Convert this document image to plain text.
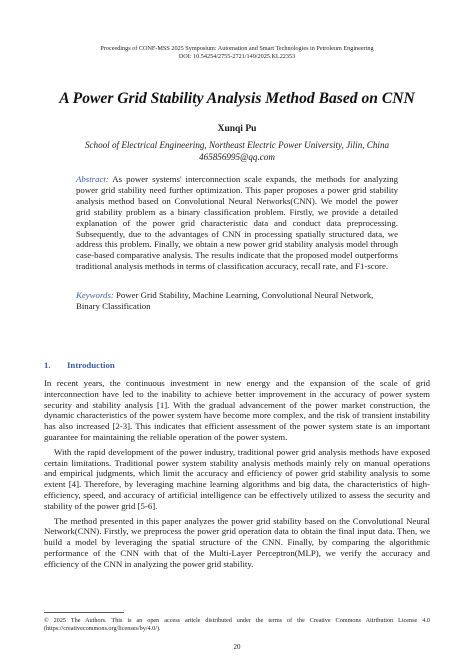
Proceedings of CONF-MSS 2025 Symposium: Automation and Smart Technologies in Petroleum Engineering
DOI: 10.54254/2755-2721/149/2025.KL22353
A Power Grid Stability Analysis Method Based on CNN
Xunqi Pu
School of Electrical Engineering, Northeast Electric Power University, Jilin, China
465856995@qq.com
Abstract: As power systems' interconnection scale expands, the methods for analyzing power grid stability need further optimization. This paper proposes a power grid stability analysis method based on Convolutional Neural Networks(CNN). We model the power grid stability problem as a binary classification problem. Firstly, we provide a detailed explanation of the power grid characteristic data and conduct data preprocessing. Subsequently, due to the advantages of CNN in processing spatially structured data, we address this problem. Finally, we obtain a new power grid stability analysis model through case-based comparative analysis. The results indicate that the proposed model outperforms traditional analysis methods in terms of classification accuracy, recall rate, and F1-score.
Keywords: Power Grid Stability, Machine Learning, Convolutional Neural Network, Binary Classification
1. Introduction

In recent years, the continuous investment in new energy and the expansion of the scale of grid interconnection have led to the inability to achieve better improvement in the accuracy of power system security and stability analysis [1]. With the gradual advancement of the power market construction, the dynamic characteristics of the power system have become more complex, and the risk of transient instability has also increased [2-3]. This indicates that efficient assessment of the power system state is an important guarantee for maintaining the reliable operation of the power system.

With the rapid development of the power industry, traditional power grid analysis methods have exposed certain limitations. Traditional power system stability analysis methods mainly rely on manual operations and empirical judgments, which limit the accuracy and efficiency of power grid stability analysis to some extent [4]. Therefore, by leveraging machine learning algorithms and big data, the characteristics of high-efficiency, speed, and accuracy of artificial intelligence can be effectively utilized to assess the security and stability of the power grid [5-6].

The method presented in this paper analyzes the power grid stability based on the Convolutional Neural Network(CNN). Firstly, we preprocess the power grid operation data to obtain the final input data. Then, we build a model by leveraging the spatial structure of the CNN. Finally, by comparing the algorithmic performance of the CNN with that of the Multi-Layer Perceptron(MLP), we verify the accuracy and efficiency of the CNN in analyzing the power grid stability.

© 2025 The Authors. This is an open access article distributed under the terms of the Creative Commons Attribution License 4.0 (https://creativecommons.org/licenses/by/4.0/).
20
